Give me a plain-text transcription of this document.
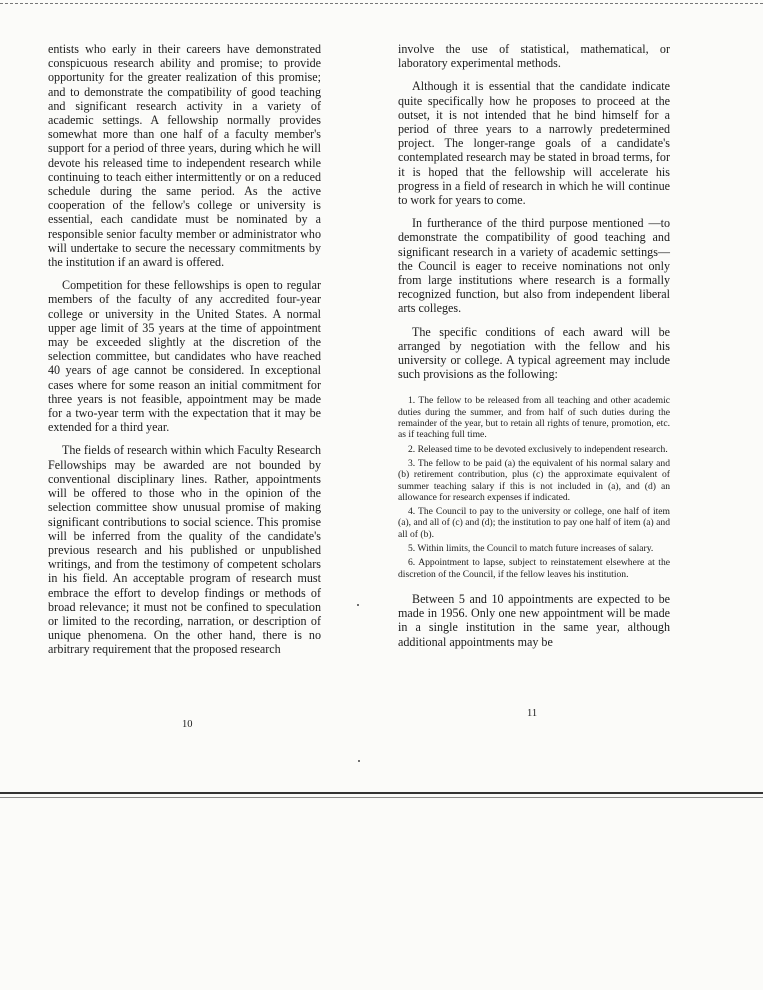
entists who early in their careers have demonstrated conspicuous research ability and promise; to provide opportunity for the greater realization of this promise; and to demonstrate the compatibility of good teaching and significant research activity in a variety of academic settings. A fellowship normally provides somewhat more than one half of a faculty member's support for a period of three years, during which he will devote his released time to independent research while continuing to teach either intermittently or on a reduced schedule during the same period. As the active cooperation of the fellow's college or university is essential, each candidate must be nominated by a responsible senior faculty member or administrator who will undertake to secure the necessary commitments by the institution if an award is offered.

Competition for these fellowships is open to regular members of the faculty of any accredited four-year college or university in the United States. A normal upper age limit of 35 years at the time of appointment may be exceeded slightly at the discretion of the selection committee, but candidates who have reached 40 years of age cannot be considered. In exceptional cases where for some reason an initial commitment for three years is not feasible, appointment may be made for a two-year term with the expectation that it may be extended for a third year.

The fields of research within which Faculty Research Fellowships may be awarded are not bounded by conventional disciplinary lines. Rather, appointments will be offered to those who in the opinion of the selection committee show unusual promise of making significant contributions to social science. This promise will be inferred from the quality of the candidate's previous research and his published or unpublished writings, and from the testimony of competent scholars in his field. An acceptable program of research must embrace the effort to develop findings or methods of broad relevance; it must not be confined to speculation or limited to the recording, narration, or description of unique phenomena. On the other hand, there is no arbitrary requirement that the proposed research

10

involve the use of statistical, mathematical, or laboratory experimental methods.

Although it is essential that the candidate indicate quite specifically how he proposes to proceed at the outset, it is not intended that he bind himself for a period of three years to a narrowly predetermined project. The longer-range goals of a candidate's contemplated research may be stated in broad terms, for it is hoped that the fellowship will accelerate his progress in a field of research in which he will continue to work for years to come.

In furtherance of the third purpose mentioned —to demonstrate the compatibility of good teaching and significant research in a variety of academic settings—the Council is eager to receive nominations not only from large institutions where research is a formally recognized function, but also from independent liberal arts colleges.

The specific conditions of each award will be arranged by negotiation with the fellow and his university or college. A typical agreement may include such provisions as the following:

1. The fellow to be released from all teaching and other academic duties during the summer, and from half of such duties during the remainder of the year, but to retain all rights of tenure, promotion, etc. as if teaching full time.

2. Released time to be devoted exclusively to independent research.

3. The fellow to be paid (a) the equivalent of his normal salary and (b) retirement contribution, plus (c) the approximate equivalent of summer teaching salary if this is not included in (a), and (d) an allowance for research expenses if indicated.

4. The Council to pay to the university or college, one half of item (a), and all of (c) and (d); the institution to pay one half of item (a) and all of (b).

5. Within limits, the Council to match future increases of salary.

6. Appointment to lapse, subject to reinstatement elsewhere at the discretion of the Council, if the fellow leaves his institution.

Between 5 and 10 appointments are expected to be made in 1956. Only one new appointment will be made in a single institution in the same year, although additional appointments may be

11
